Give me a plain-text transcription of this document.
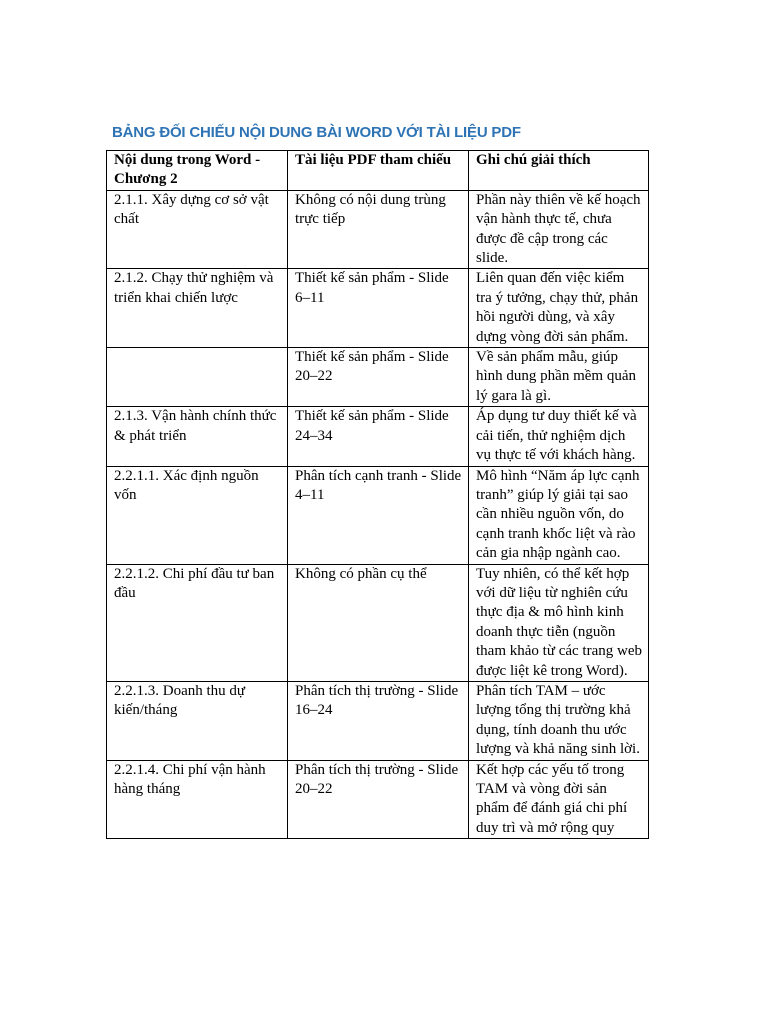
BẢNG ĐỐI CHIẾU NỘI DUNG BÀI WORD VỚI TÀI LIỆU PDF
Nội dung trong Word - Chương 2	Tài liệu PDF tham chiếu	Ghi chú giải thích
2.1.1. Xây dựng cơ sở vật chất	Không có nội dung trùng trực tiếp	Phần này thiên về kế hoạch vận hành thực tế, chưa được đề cập trong các slide.
2.1.2. Chạy thử nghiệm và triển khai chiến lược	Thiết kế sản phẩm - Slide 6–11	Liên quan đến việc kiểm tra ý tưởng, chạy thử, phản hồi người dùng, và xây dựng vòng đời sản phẩm.
	Thiết kế sản phẩm - Slide 20–22	Về sản phẩm mẫu, giúp hình dung phần mềm quản lý gara là gì.
2.1.3. Vận hành chính thức & phát triển	Thiết kế sản phẩm - Slide 24–34	Áp dụng tư duy thiết kế và cải tiến, thử nghiệm dịch vụ thực tế với khách hàng.
2.2.1.1. Xác định nguồn vốn	Phân tích cạnh tranh - Slide 4–11	Mô hình “Năm áp lực cạnh tranh” giúp lý giải tại sao cần nhiều nguồn vốn, do cạnh tranh khốc liệt và rào cản gia nhập ngành cao.
2.2.1.2. Chi phí đầu tư ban đầu	Không có phần cụ thể	Tuy nhiên, có thể kết hợp với dữ liệu từ nghiên cứu thực địa & mô hình kinh doanh thực tiễn (nguồn tham khảo từ các trang web được liệt kê trong Word).
2.2.1.3. Doanh thu dự kiến/tháng	Phân tích thị trường - Slide 16–24	Phân tích TAM – ước lượng tổng thị trường khả dụng, tính doanh thu ước lượng và khả năng sinh lời.
2.2.1.4. Chi phí vận hành hàng tháng	Phân tích thị trường - Slide 20–22	Kết hợp các yếu tố trong TAM và vòng đời sản phẩm để đánh giá chi phí duy trì và mở rộng quy
